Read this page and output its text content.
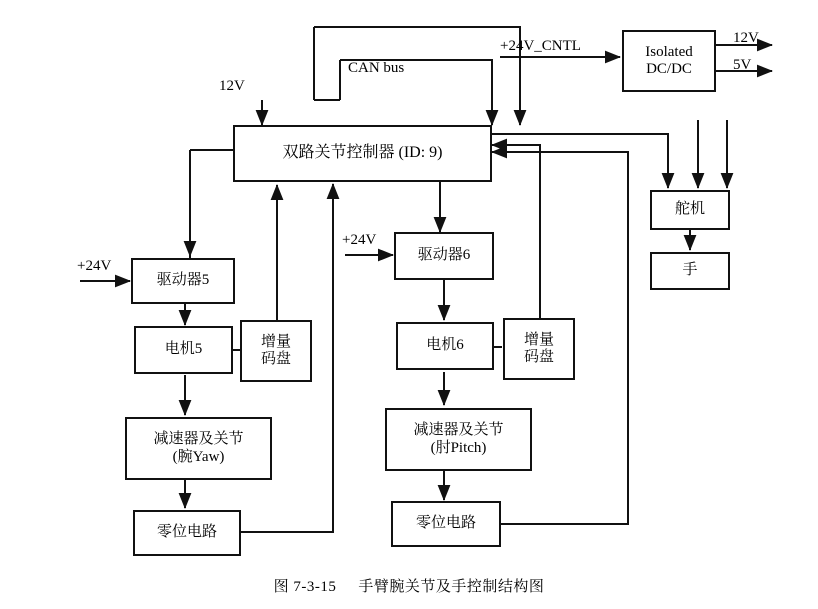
CAN bus
12V
+24V_CNTL	12V
5V
+24V
+24V
Isolated
DC/DC
双路关节控制器 (ID: 9)
舵机
手
驱动器5
驱动器6
电机5	增量
码盘
电机6	增量
码盘
减速器及关节
(腕Yaw)
减速器及关节
(肘Pitch)
零位电路
零位电路
图 7-3-15 手臂腕关节及手控制结构图
